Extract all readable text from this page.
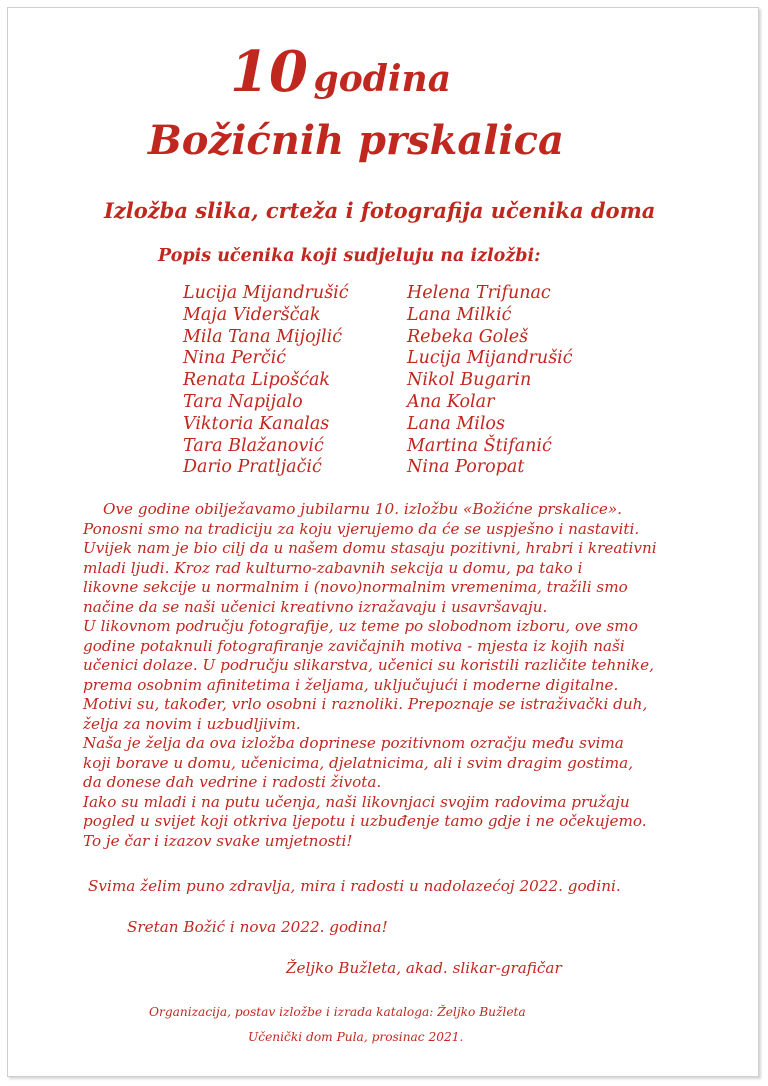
10 godina
Božićnih prskalica
Izložba slika, crteža i fotografija učenika doma
Popis učenika koji sudjeluju na izložbi:
Lucija Mijandrušić
Maja Viderščak
Mila Tana Mijojlić
Nina Perčić
Renata Lipošćak
Tara Napijalo
Viktoria Kanalas
Tara Blažanović
Dario Pratljačić
Helena Trifunac
Lana Milkić
Rebeka Goleš
Lucija Mijandrušić
Nikol Bugarin
Ana Kolar
Lana Milos
Martina Štifanić
Nina Poropat

Ove godine obilježavamo jubilarnu 10. izložbu «Božićne prskalice».

Ponosni smo na tradiciju za koju vjerujemo da će se uspješno i nastaviti.

Uvijek nam je bio cilj da u našem domu stasaju pozitivni, hrabri i kreativni

mladi ljudi. Kroz rad kulturno-zabavnih sekcija u domu, pa tako i

likovne sekcije u normalnim i (novo)normalnim vremenima, tražili smo

načine da se naši učenici kreativno izražavaju i usavršavaju.

U likovnom području fotografije, uz teme po slobodnom izboru, ove smo

godine potaknuli fotografiranje zavičajnih motiva - mjesta iz kojih naši

učenici dolaze. U području slikarstva, učenici su koristili različite tehnike,

prema osobnim afinitetima i željama, uključujući i moderne digitalne.

Motivi su, također, vrlo osobni i raznoliki. Prepoznaje se istraživački duh,

želja za novim i uzbudljivim.

Naša je želja da ova izložba doprinese pozitivnom ozračju među svima

koji borave u domu, učenicima, djelatnicima, ali i svim dragim gostima,

da donese dah vedrine i radosti života.

Iako su mladi i na putu učenja, naši likovnjaci svojim radovima pružaju

pogled u svijet koji otkriva ljepotu i uzbuđenje tamo gdje i ne očekujemo.

To je čar i izazov svake umjetnosti!

Svima želim puno zdravlja, mira i radosti u nadolazećoj 2022. godini.
Sretan Božić i nova 2022. godina!
Željko Bužleta, akad. slikar-grafičar
Organizacija, postav izložbe i izrada kataloga: Željko Bužleta
Učenički dom Pula, prosinac 2021.
